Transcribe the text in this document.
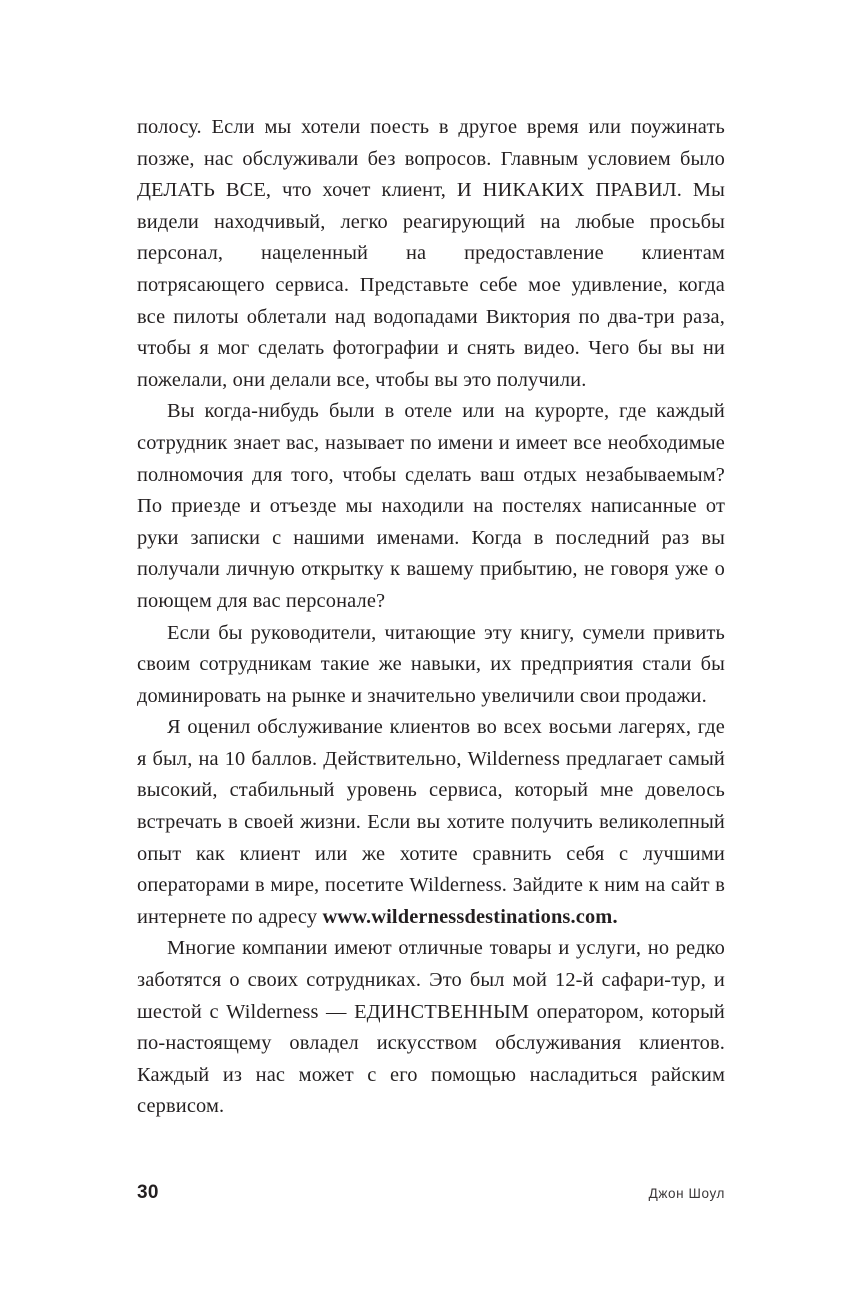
полосу. Если мы хотели поесть в другое время или поужинать позже, нас обслуживали без вопросов. Главным условием было ДЕЛАТЬ ВСЕ, что хочет клиент, И НИКАКИХ ПРАВИЛ. Мы видели находчивый, легко реагирующий на любые просьбы персонал, нацеленный на предоставление клиентам потрясающего сервиса. Представьте себе мое удивление, когда все пилоты облетали над водопадами Виктория по два-три раза, чтобы я мог сделать фотографии и снять видео. Чего бы вы ни пожелали, они делали все, чтобы вы это получили.

Вы когда-нибудь были в отеле или на курорте, где каждый сотрудник знает вас, называет по имени и имеет все необходимые полномочия для того, чтобы сделать ваш отдых незабываемым? По приезде и отъезде мы находили на постелях написанные от руки записки с нашими именами. Когда в последний раз вы получали личную открытку к вашему прибытию, не говоря уже о поющем для вас персонале?

Если бы руководители, читающие эту книгу, сумели привить своим сотрудникам такие же навыки, их предприятия стали бы доминировать на рынке и значительно увеличили свои продажи.

Я оценил обслуживание клиентов во всех восьми лагерях, где я был, на 10 баллов. Действительно, Wilderness предлагает самый высокий, стабильный уровень сервиса, который мне довелось встречать в своей жизни. Если вы хотите получить великолепный опыт как клиент или же хотите сравнить себя с лучшими операторами в мире, посетите Wilderness. Зайдите к ним на сайт в интернете по адресу www.wildernessdestinations.com.

Многие компании имеют отличные товары и услуги, но редко заботятся о своих сотрудниках. Это был мой 12-й сафари-тур, и шестой с Wilderness — ЕДИНСТВЕННЫМ оператором, который по-настоящему овладел искусством обслуживания клиентов. Каждый из нас может с его помощью насладиться райским сервисом.

30	Джон Шоул
